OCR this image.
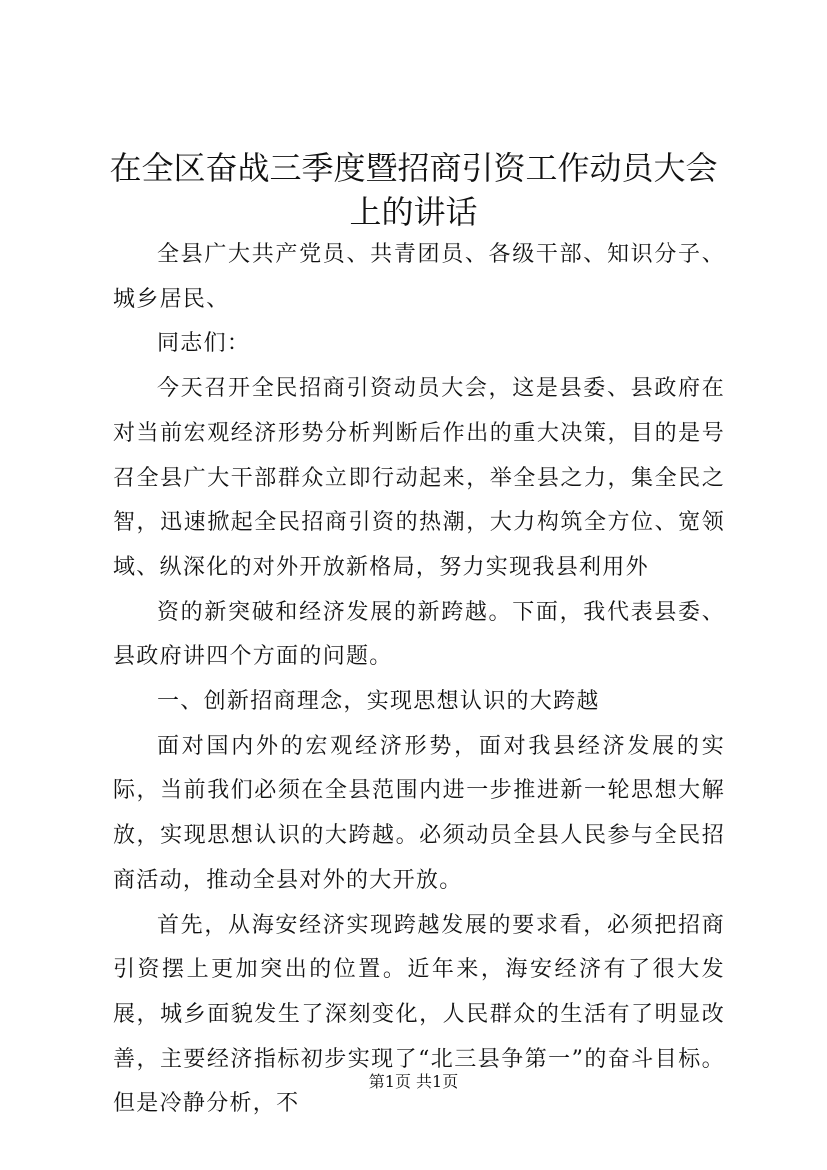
在全区奋战三季度暨招商引资工作动员大会上的讲话

全县广大共产党员、共青团员、各级干部、知识分子、城乡居民、

同志们：

今天召开全民招商引资动员大会，这是县委、县政府在对当前宏观经济形势分析判断后作出的重大决策，目的是号召全县广大干部群众立即行动起来，举全县之力，集全民之智，迅速掀起全民招商引资的热潮，大力构筑全方位、宽领域、纵深化的对外开放新格局，努力实现我县利用外

资的新突破和经济发展的新跨越。下面，我代表县委、县政府讲四个方面的问题。

一、创新招商理念，实现思想认识的大跨越

面对国内外的宏观经济形势，面对我县经济发展的实际，当前我们必须在全县范围内进一步推进新一轮思想大解放，实现思想认识的大跨越。必须动员全县人民参与全民招商活动，推动全县对外的大开放。

首先，从海安经济实现跨越发展的要求看，必须把招商引资摆上更加突出的位置。近年来，海安经济有了很大发展，城乡面貌发生了深刻变化，人民群众的生活有了明显改善，主要经济指标初步实现了“北三县争第一”的奋斗目标。但是冷静分析，不

第1页 共1页
